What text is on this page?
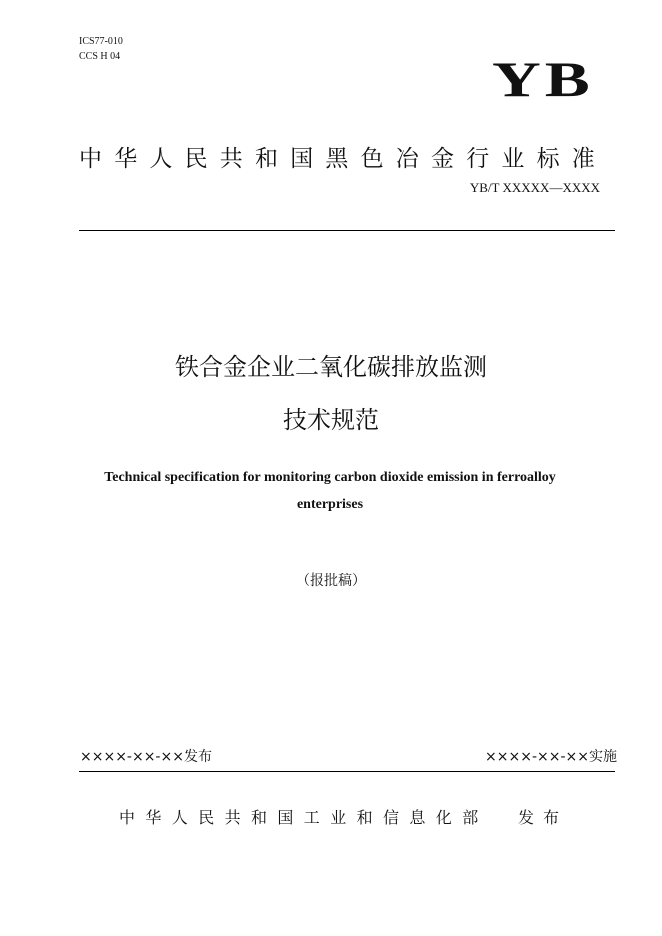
ICS77-010
CCS H 04	YB
中华人民共和国黑色冶金行业标准
YB/T XXXXX—XXXX
铁合金企业二氧化碳排放监测
技术规范
Technical specification for monitoring carbon dioxide emission in ferroalloy enterprises
（报批稿）
××××-××-××发布	××××-××-××实施
中华人民共和国工业和信息化部 发布
